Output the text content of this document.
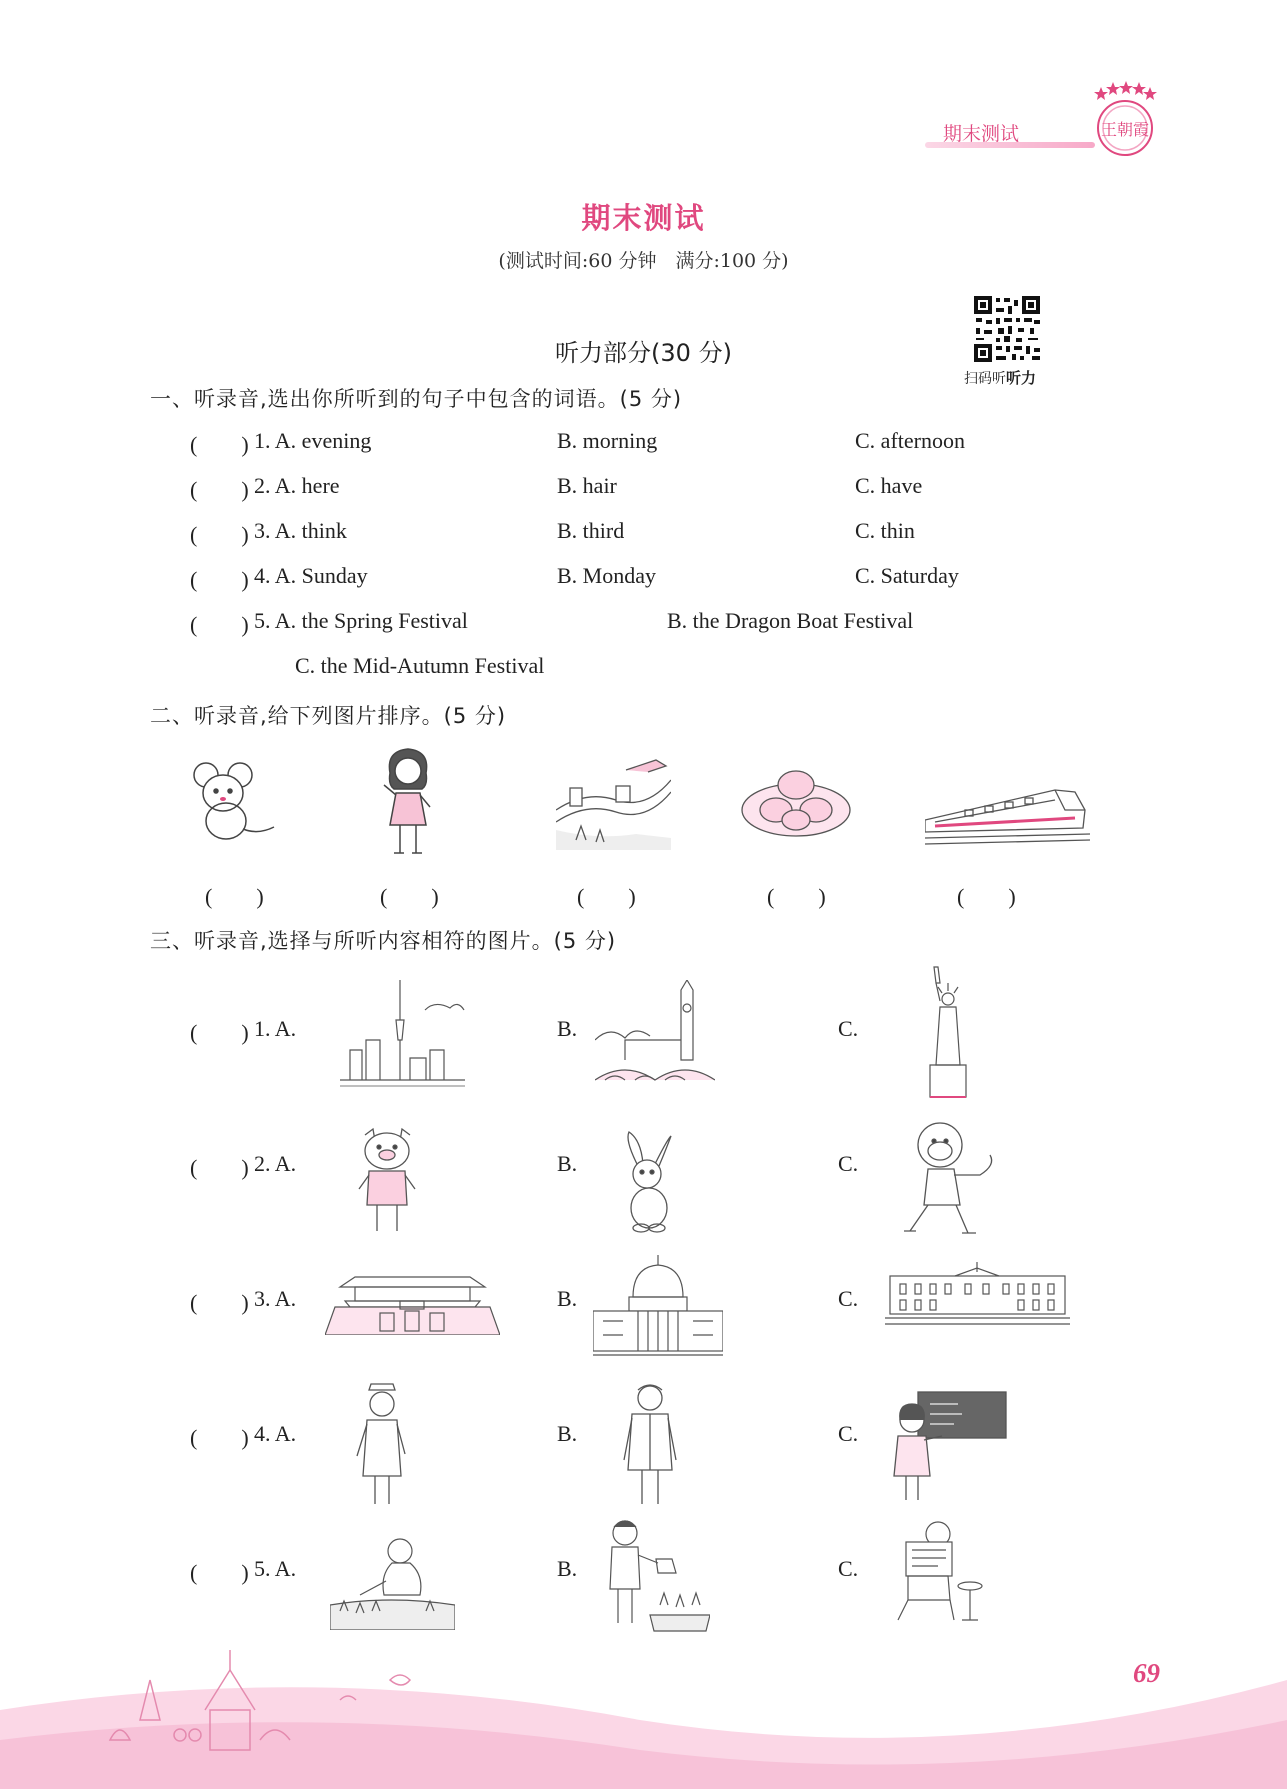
期末测试	王朝霞
期末测试
(测试时间:60 分钟　满分:100 分)
扫码听听力
听力部分(30 分)
一、听录音,选出你所听到的句子中包含的词语。(5 分)
(　　) 1. A. evening	B. morning	C. afternoon
(　　) 2. A. here	B. hair	C. have
(　　) 3. A. think	B. third	C. thin
(　　) 4. A. Sunday	B. Monday	C. Saturday
(　　) 5. A. the Spring Festival	B. the Dragon Boat Festival
C. the Mid-Autumn Festival
二、听录音,给下列图片排序。(5 分)
(　　)	(　　)	(　　)	(　　)	(　　)
三、听录音,选择与所听内容相符的图片。(5 分)
(　　) 1. A.	B.	C.
(　　) 2. A.	B.	C.
(　　) 3. A.	B.	C.
(　　) 4. A.	B.	C.
(　　) 5. A.	B.	C.
69
